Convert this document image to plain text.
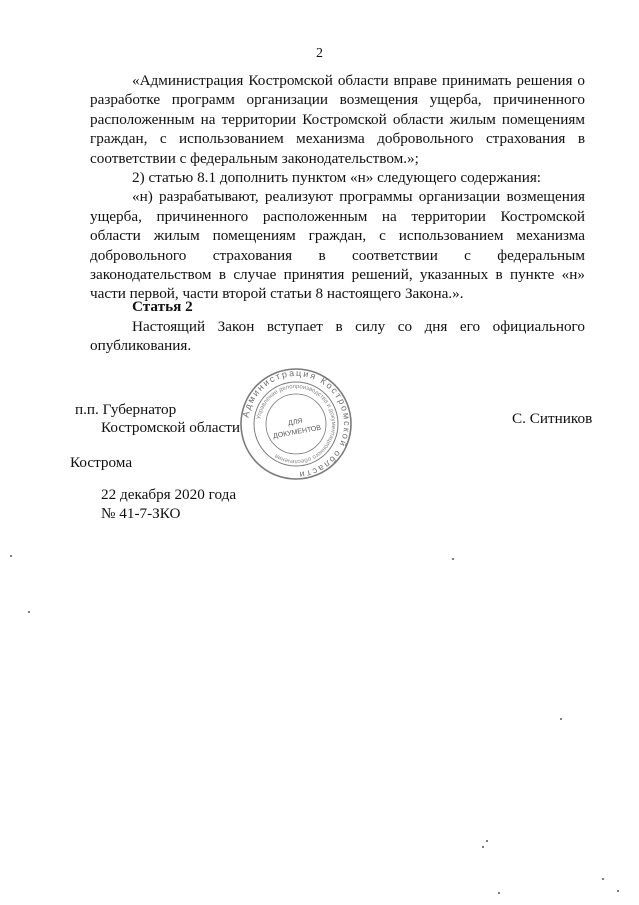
2

«Администрация Костромской области вправе принимать решения о разработке программ организации возмещения ущерба, причиненного расположенным на территории Костромской области жилым помещениям граждан, с использованием механизма добровольного страхования в соответствии с федеральным законодательством.»;

2) статью 8.1 дополнить пунктом «н» следующего содержания:

«н) разрабатывают, реализуют программы организации возмещения ущерба, причиненного расположенным на территории Костромской области жилым помещениям граждан, с использованием механизма добровольного страхования в соответствии с федеральным законодательством в случае принятия решений, указанных в пункте «н» части первой, части второй статьи 8 настоящего Закона.».

Статья 2

Настоящий Закон вступает в силу со дня его официального опубликования.

Администрация Костромской области
Управление делопроизводства и документационного обеспечения
ДЛЯ
ДОКУМЕНТОВ
п.п. Губернатор
Костромской области
С. Ситников
Кострома
22 декабря 2020 года
№ 41-7-ЗКО
